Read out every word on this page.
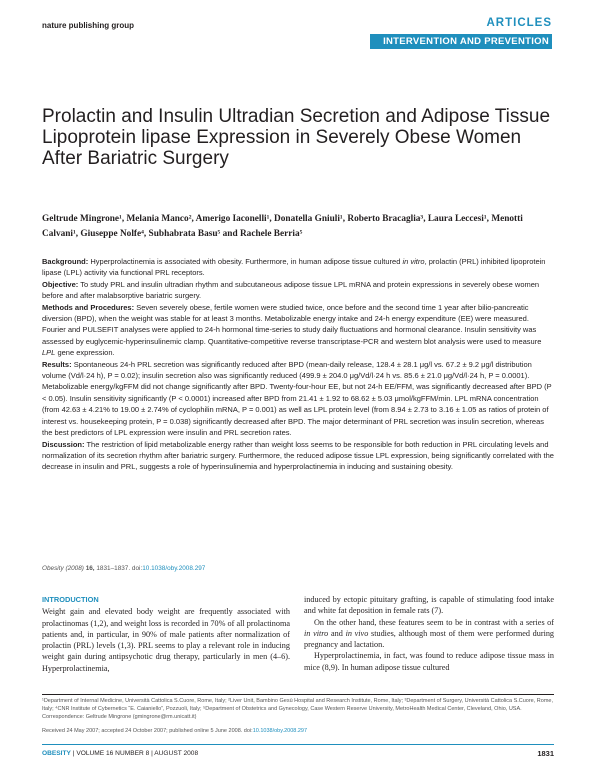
nature publishing group	ARTICLES
INTERVENTION AND PREVENTION
Prolactin and Insulin Ultradian Secretion and Adipose Tissue Lipoprotein lipase Expression in Severely Obese Women After Bariatric Surgery
Geltrude Mingrone¹, Melania Manco², Amerigo Iaconelli¹, Donatella Gniuli¹, Roberto Bracaglia³, Laura Leccesi¹, Menotti Calvani¹, Giuseppe Nolfe⁴, Subhabrata Basu⁵ and Rachele Berria⁵

Background: Hyperprolactinemia is associated with obesity. Furthermore, in human adipose tissue cultured in vitro, prolactin (PRL) inhibited lipoprotein lipase (LPL) activity via functional PRL receptors.

Objective: To study PRL and insulin ultradian rhythm and subcutaneous adipose tissue LPL mRNA and protein expressions in severely obese women before and after malabsorptive bariatric surgery.

Methods and Procedures: Seven severely obese, fertile women were studied twice, once before and the second time 1 year after bilio-pancreatic diversion (BPD), when the weight was stable for at least 3 months. Metabolizable energy intake and 24-h energy expenditure (EE) were measured. Fourier and PULSEFIT analyses were applied to 24-h hormonal time-series to study daily fluctuations and hormonal clearance. Insulin sensitivity was assessed by euglycemic-hyperinsulinemic clamp. Quantitative-competitive reverse transcriptase-PCR and western blot analysis were used to measure LPL gene expression.

Results: Spontaneous 24-h PRL secretion was significantly reduced after BPD (mean-daily release, 128.4 ± 28.1 μg/l vs. 67.2 ± 9.2 μg/l distribution volume (Vd/l·24 h), P = 0.02); insulin secretion also was significantly reduced (499.9 ± 204.0 μg/Vd/l·24 h vs. 85.6 ± 21.0 μg/Vd/l·24 h, P = 0.0001). Metabolizable energy/kgFFM did not change significantly after BPD. Twenty-four-hour EE, but not 24-h EE/FFM, was significantly decreased after BPD (P < 0.05). Insulin sensitivity significantly (P < 0.0001) increased after BPD from 21.41 ± 1.92 to 68.62 ± 5.03 μmol/kgFFM/min. LPL mRNA concentration (from 42.63 ± 4.21% to 19.00 ± 2.74% of cyclophilin mRNA, P = 0.001) as well as LPL protein level (from 8.94 ± 2.73 to 3.16 ± 1.05 as ratios of protein of interest vs. housekeeping protein, P = 0.038) significantly decreased after BPD. The major determinant of PRL secretion was insulin secretion, whereas the best predictors of LPL expression were insulin and PRL secretion rates.

Discussion: The restriction of lipid metabolizable energy rather than weight loss seems to be responsible for both reduction in PRL circulating levels and normalization of its secretion rhythm after bariatric surgery. Furthermore, the reduced adipose tissue LPL expression, being significantly correlated with the decrease in insulin and PRL, suggests a role of hyperinsulinemia and hyperprolactinemia in inducing and sustaining obesity.

Obesity (2008) 16, 1831–1837. doi:10.1038/oby.2008.297
INTRODUCTION

Weight gain and elevated body weight are frequently associated with prolactinomas (1,2), and weight loss is recorded in 70% of all prolactinoma patients and, in particular, in 90% of male patients after normalization of prolactin (PRL) levels (1,3). PRL seems to play a relevant role in inducing weight gain during antipsychotic drug therapy, particularly in men (4–6). Hyperprolactinemia,

induced by ectopic pituitary grafting, is capable of stimulating food intake and white fat deposition in female rats (7).

On the other hand, these features seem to be in contrast with a series of in vitro and in vivo studies, although most of them were performed during pregnancy and lactation.

Hyperprolactinemia, in fact, was found to reduce adipose tissue mass in mice (8,9). In human adipose tissue cultured

¹Department of Internal Medicine, Università Cattolica S.Cuore, Rome, Italy; ²Liver Unit, Bambino Gesù Hospital and Research Institute, Rome, Italy; ³Department of Surgery, Università Cattolica S.Cuore, Rome, Italy; ⁴CNR Institute of Cybernetics “E. Caianiello”, Pozzuoli, Italy; ⁵Department of Obstetrics and Gynecology, Case Western Reserve University, MetroHealth Medical Center, Cleveland, Ohio, USA. Correspondence: Geltrude Mingrone (gmingrone@rm.unicatt.it)
Received 24 May 2007; accepted 24 October 2007; published online 5 June 2008. doi:10.1038/oby.2008.297
OBESITY | VOLUME 16 NUMBER 8 | AUGUST 2008	1831
